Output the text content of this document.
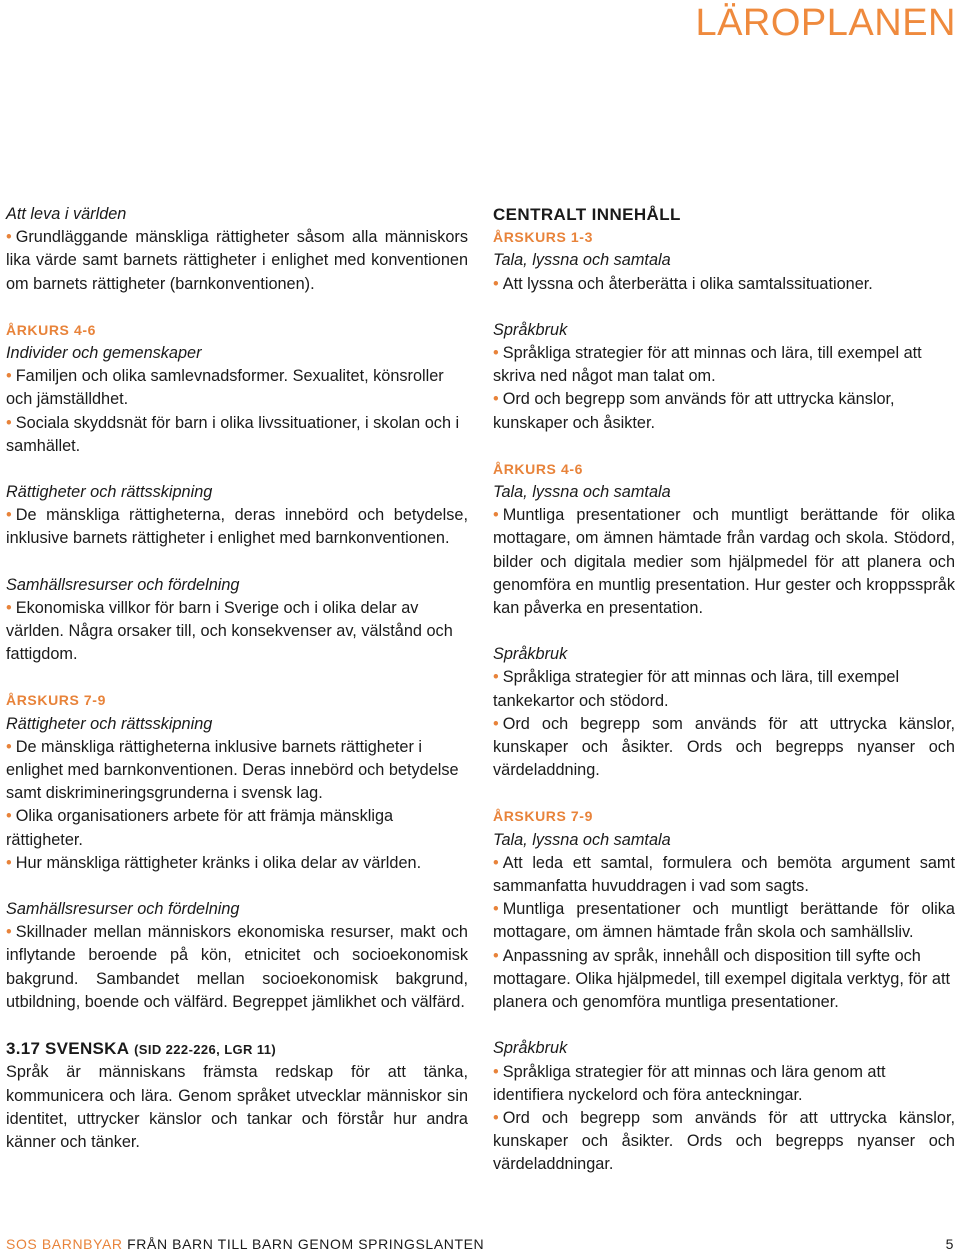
LÄROPLANEN

Att leva i världen

• Grundläggande mänskliga rättigheter såsom alla människors lika värde samt barnets rättigheter i enlighet med konventionen om barnets rättigheter (barnkonventionen).

ÅRKURS 4-6

Individer och gemenskaper

• Familjen och olika samlevnadsformer. Sexualitet, könsroller och jämställdhet.

• Sociala skyddsnät för barn i olika livssituationer, i skolan och i samhället.

Rättigheter och rättsskipning

• De mänskliga rättigheterna, deras innebörd och betydelse, inklusive barnets rättigheter i enlighet med barnkonventionen.

Samhällsresurser och fördelning

• Ekonomiska villkor för barn i Sverige och i olika delar av världen. Några orsaker till, och konsekvenser av, välstånd och fattigdom.

ÅRSKURS 7-9

Rättigheter och rättsskipning

• De mänskliga rättigheterna inklusive barnets rättigheter i enlighet med barnkonventionen. Deras innebörd och betydelse samt diskrimineringsgrunderna i svensk lag.

• Olika organisationers arbete för att främja mänskliga rättigheter.

• Hur mänskliga rättigheter kränks i olika delar av världen.

Samhällsresurser och fördelning

• Skillnader mellan människors ekonomiska resurser, makt och inflytande beroende på kön, etnicitet och socioekonomisk bakgrund. Sambandet mellan socioekonomisk bakgrund, utbildning, boende och välfärd. Begreppet jämlikhet och välfärd.

3.17 SVENSKA (SID 222-226, LGR 11)

Språk är människans främsta redskap för att tänka, kommunicera och lära. Genom språket utvecklar människor sin identitet, uttrycker känslor och tankar och förstår hur andra känner och tänker.

CENTRALT INNEHÅLL

ÅRSKURS 1-3

Tala, lyssna och samtala

• Att lyssna och återberätta i olika samtalssituationer.

Språkbruk

• Språkliga strategier för att minnas och lära, till exempel att skriva ned något man talat om.

• Ord och begrepp som används för att uttrycka känslor, kunskaper och åsikter.

ÅRKURS 4-6

Tala, lyssna och samtala

• Muntliga presentationer och muntligt berättande för olika mottagare, om ämnen hämtade från vardag och skola. Stödord, bilder och digitala medier som hjälpmedel för att planera och genomföra en muntlig presentation. Hur gester och kroppsspråk kan påverka en presentation.

Språkbruk

• Språkliga strategier för att minnas och lära, till exempel tankekartor och stödord.

• Ord och begrepp som används för att uttrycka känslor, kunskaper och åsikter. Ords och begrepps nyanser och värdeladdning.

ÅRSKURS 7-9

Tala, lyssna och samtala

• Att leda ett samtal, formulera och bemöta argument samt sammanfatta huvuddragen i vad som sagts.

• Muntliga presentationer och muntligt berättande för olika mottagare, om ämnen hämtade från skola och samhällsliv.

• Anpassning av språk, innehåll och disposition till syfte och mottagare. Olika hjälpmedel, till exempel digitala verktyg, för att planera och genomföra muntliga presentationer.

Språkbruk

• Språkliga strategier för att minnas och lära genom att identifiera nyckelord och föra anteckningar.

• Ord och begrepp som används för att uttrycka känslor, kunskaper och åsikter. Ords och begrepps nyanser och värdeladdningar.

SOS BARNBYAR FRÅN BARN TILL BARN GENOM SPRINGSLANTEN	5
